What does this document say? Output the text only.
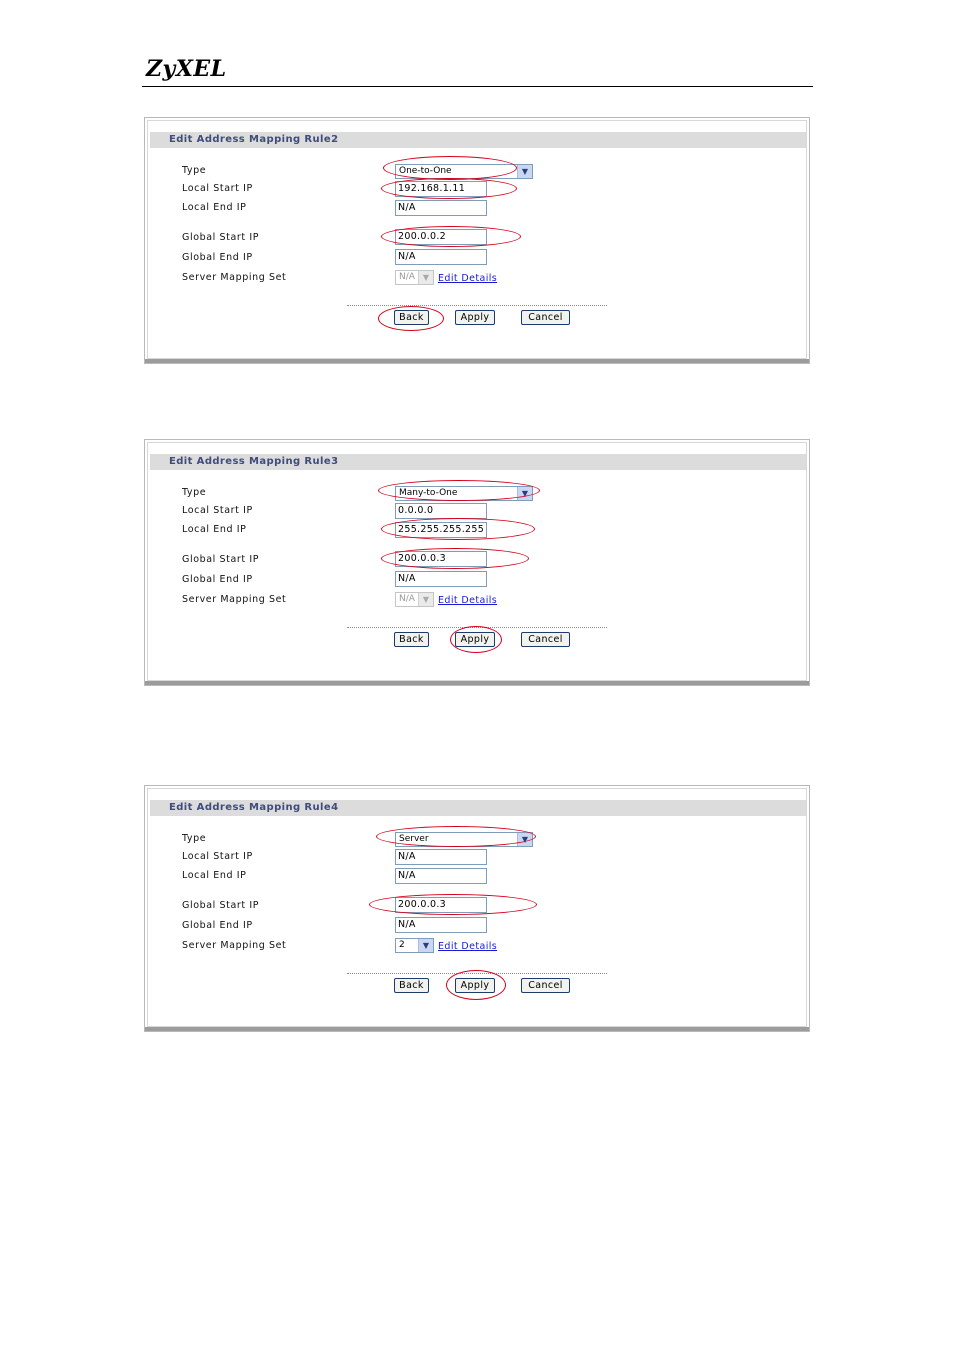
ZyXEL
Edit Address Mapping Rule2
Type	One-to-One	▼
Local Start IP	192.168.1.11
Local End IP	N/A
Global Start IP	200.0.0.2
Global End IP	N/A
Server Mapping Set	N/A	▼ Edit Details
Back	Apply	Cancel
Edit Address Mapping Rule3
Type	Many-to-One	▼
Local Start IP	0.0.0.0
Local End IP	255.255.255.255
Global Start IP	200.0.0.3
Global End IP	N/A
Server Mapping Set	N/A	▼ Edit Details
Back	Apply	Cancel
Edit Address Mapping Rule4
Type	Server	▼
Local Start IP	N/A
Local End IP	N/A
Global Start IP	200.0.0.3
Global End IP	N/A
Server Mapping Set	2	▼ Edit Details
Back	Apply	Cancel
